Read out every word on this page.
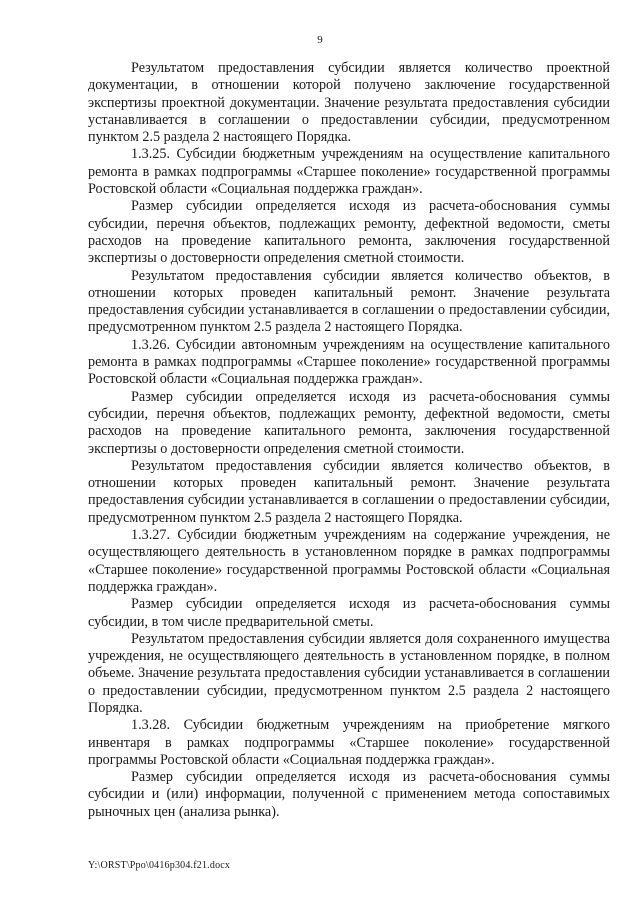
9

Результатом предоставления субсидии является количество проектной документации, в отношении которой получено заключение государственной экспертизы проектной документации. Значение результата предоставления субсидии устанавливается в соглашении о предоставлении субсидии, предусмотренном пунктом 2.5 раздела 2 настоящего Порядка.

1.3.25. Субсидии бюджетным учреждениям на осуществление капитального ремонта в рамках подпрограммы «Старшее поколение» государственной программы Ростовской области «Социальная поддержка граждан».

Размер субсидии определяется исходя из расчета-обоснования суммы субсидии, перечня объектов, подлежащих ремонту, дефектной ведомости, сметы расходов на проведение капитального ремонта, заключения государственной экспертизы о достоверности определения сметной стоимости.

Результатом предоставления субсидии является количество объектов, в отношении которых проведен капитальный ремонт. Значение результата предоставления субсидии устанавливается в соглашении о предоставлении субсидии, предусмотренном пунктом 2.5 раздела 2 настоящего Порядка.

1.3.26. Субсидии автономным учреждениям на осуществление капитального ремонта в рамках подпрограммы «Старшее поколение» государственной программы Ростовской области «Социальная поддержка граждан».

Размер субсидии определяется исходя из расчета-обоснования суммы субсидии, перечня объектов, подлежащих ремонту, дефектной ведомости, сметы расходов на проведение капитального ремонта, заключения государственной экспертизы о достоверности определения сметной стоимости.

Результатом предоставления субсидии является количество объектов, в отношении которых проведен капитальный ремонт. Значение результата предоставления субсидии устанавливается в соглашении о предоставлении субсидии, предусмотренном пунктом 2.5 раздела 2 настоящего Порядка.

1.3.27. Субсидии бюджетным учреждениям на содержание учреждения, не осуществляющего деятельность в установленном порядке в рамках подпрограммы «Старшее поколение» государственной программы Ростовской области «Социальная поддержка граждан».

Размер субсидии определяется исходя из расчета-обоснования суммы субсидии, в том числе предварительной сметы.

Результатом предоставления субсидии является доля сохраненного имущества учреждения, не осуществляющего деятельность в установленном порядке, в полном объеме. Значение результата предоставления субсидии устанавливается в соглашении о предоставлении субсидии, предусмотренном пунктом 2.5 раздела 2 настоящего Порядка.

1.3.28. Субсидии бюджетным учреждениям на приобретение мягкого инвентаря в рамках подпрограммы «Старшее поколение» государственной программы Ростовской области «Социальная поддержка граждан».

Размер субсидии определяется исходя из расчета-обоснования суммы субсидии и (или) информации, полученной с применением метода сопоставимых рыночных цен (анализа рынка).

Y:\ORST\Ppo\0416p304.f21.docx
